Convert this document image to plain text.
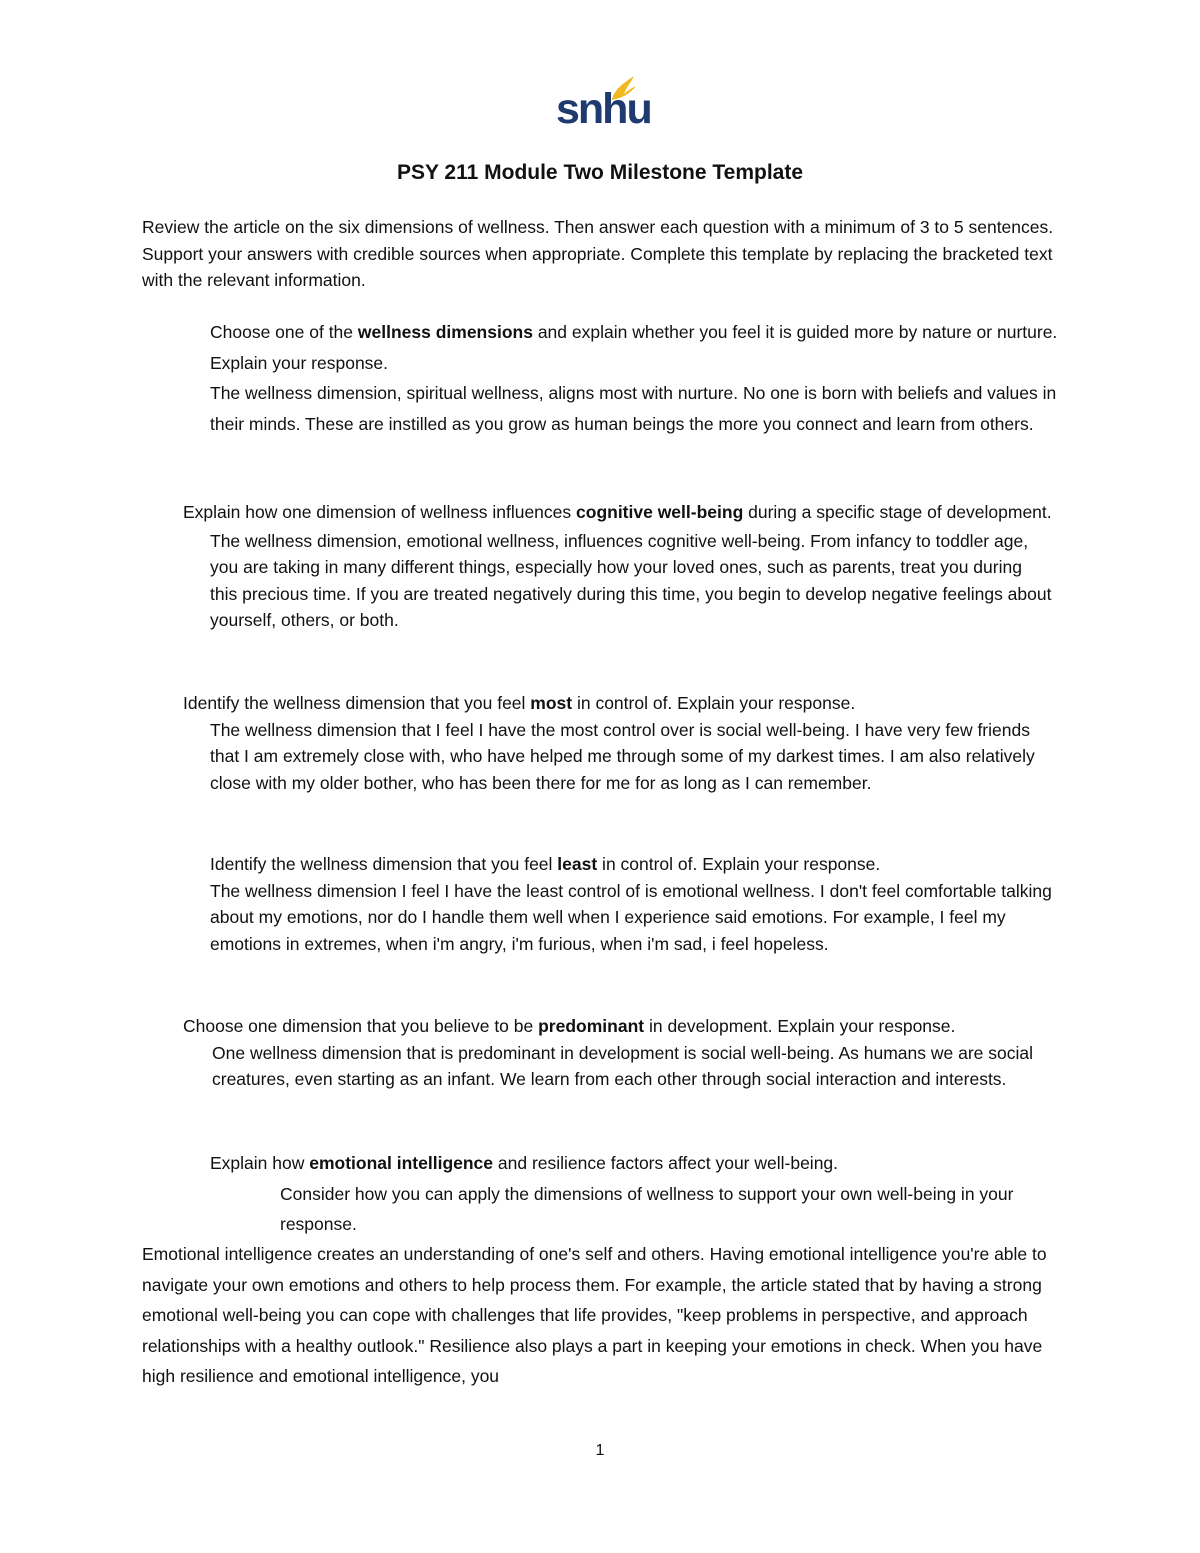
snhu
PSY 211 Module Two Milestone Template
Review the article on the six dimensions of wellness. Then answer each question with a minimum of 3 to 5 sentences. Support your answers with credible sources when appropriate. Complete this template by replacing the bracketed text with the relevant information.

Choose one of the wellness dimensions and explain whether you feel it is guided more by nature or nurture. Explain your response.

The wellness dimension, spiritual wellness, aligns most with nurture. No one is born with beliefs and values in their minds. These are instilled as you grow as human beings the more you connect and learn from others.

Explain how one dimension of wellness influences cognitive well-being during a specific stage of development.

The wellness dimension, emotional wellness, influences cognitive well-being. From infancy to toddler age, you are taking in many different things, especially how your loved ones, such as parents, treat you during this precious time. If you are treated negatively during this time, you begin to develop negative feelings about yourself, others, or both.

Identify the wellness dimension that you feel most in control of. Explain your response.

The wellness dimension that I feel I have the most control over is social well-being. I have very few friends that I am extremely close with, who have helped me through some of my darkest times. I am also relatively close with my older bother, who has been there for me for as long as I can remember.

Identify the wellness dimension that you feel least in control of. Explain your response.

The wellness dimension I feel I have the least control of is emotional wellness. I don't feel comfortable talking about my emotions, nor do I handle them well when I experience said emotions. For example, I feel my emotions in extremes, when i'm angry, i'm furious, when i'm sad, i feel hopeless.

Choose one dimension that you believe to be predominant in development. Explain your response.

One wellness dimension that is predominant in development is social well-being. As humans we are social creatures, even starting as an infant. We learn from each other through social interaction and interests.

Explain how emotional intelligence and resilience factors affect your well-being.

Consider how you can apply the dimensions of wellness to support your own well-being in your response.

Emotional intelligence creates an understanding of one's self and others. Having emotional intelligence you're able to navigate your own emotions and others to help process them. For example, the article stated that by having a strong emotional well-being you can cope with challenges that life provides, "keep problems in perspective, and approach relationships with a healthy outlook." Resilience also plays a part in keeping your emotions in check. When you have high resilience and emotional intelligence, you
1
